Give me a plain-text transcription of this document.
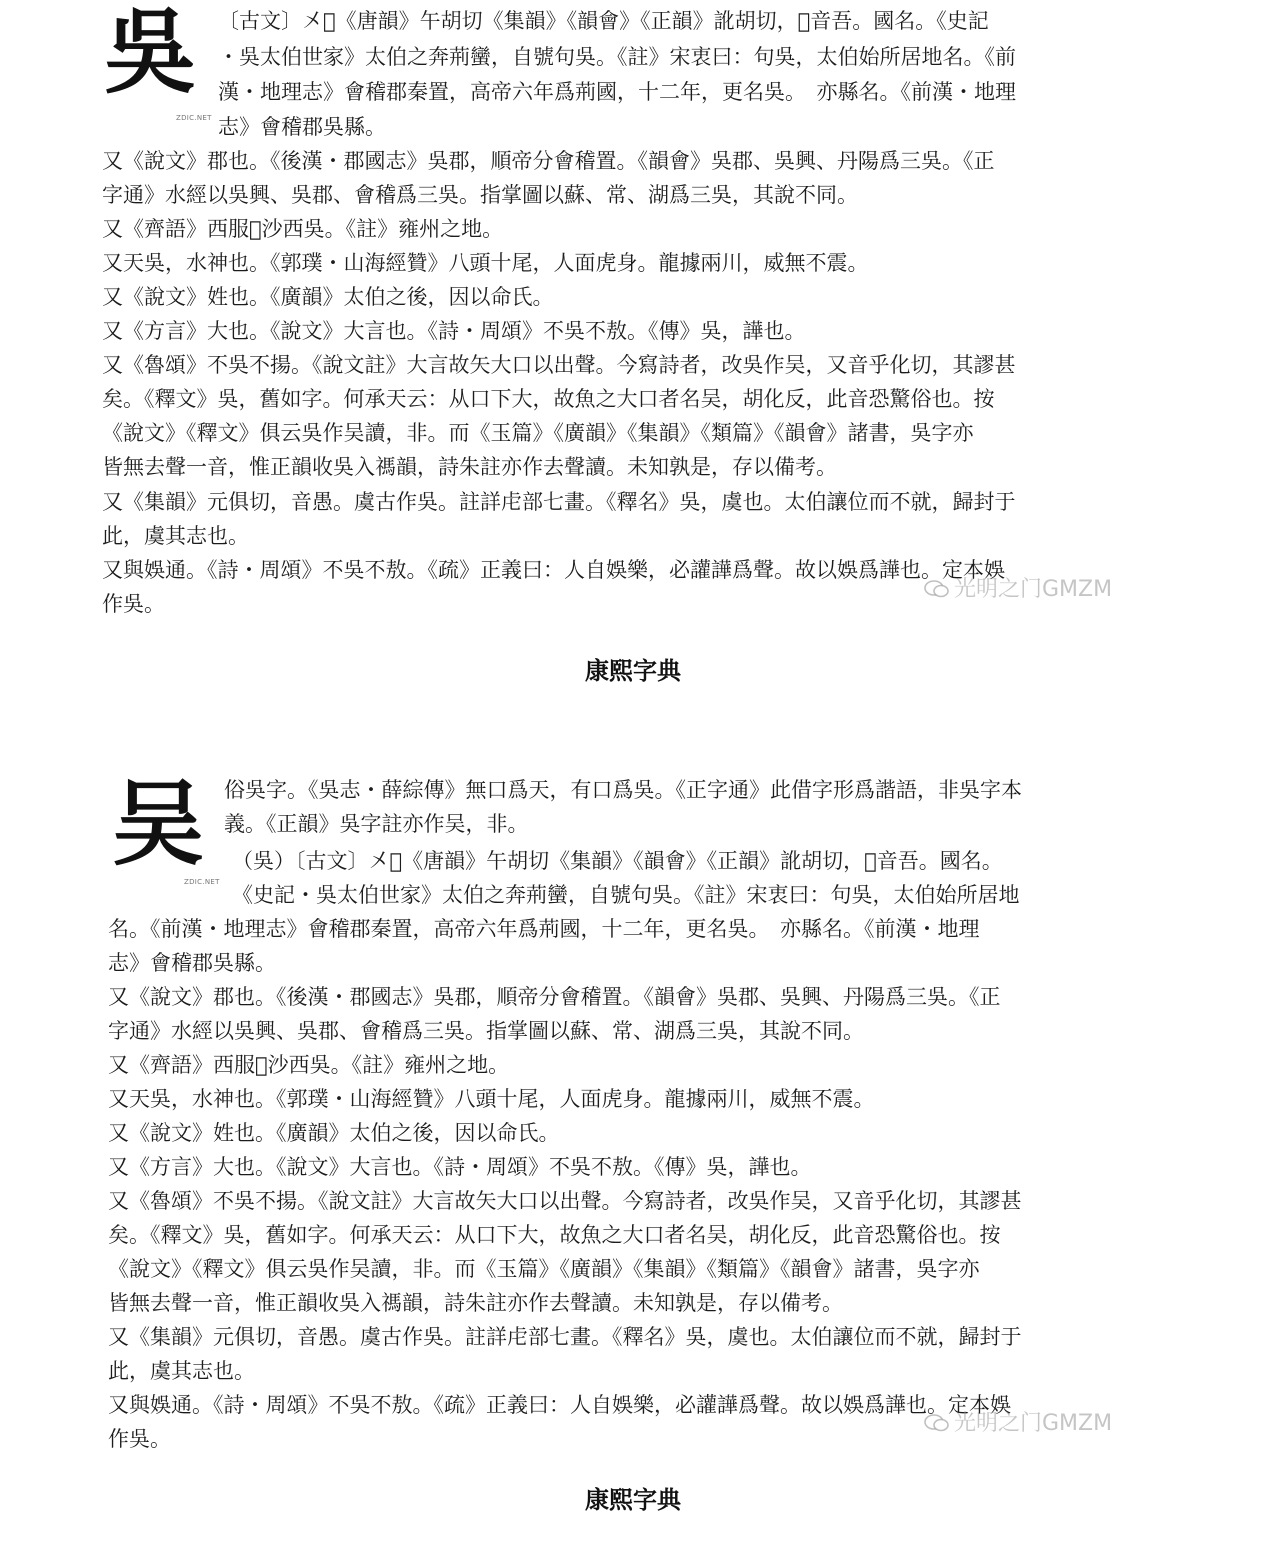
吳
ZDIC.NET
〔古文〕㐅𠱄《唐韻》午胡切《集韻》《韻會》《正韻》訛胡切，𡗶音吾。國名。《史記
・吳太伯世家》太伯之奔荊蠻，自號句吳。《註》宋衷曰：句吳，太伯始所居地名。《前
漢・地理志》會稽郡秦置，高帝六年爲荊國，十二年，更名吳。　亦縣名。《前漢・地理
志》會稽郡吳縣。
又《說文》郡也。《後漢・郡國志》吳郡，順帝分會稽置。《韻會》吳郡、吳興、丹陽爲三吳。《正
字通》水經以吳興、吳郡、會稽爲三吳。指掌圖以蘇、常、湖爲三吳，其說不同。
又《齊語》西服𣲖沙西吳。《註》雍州之地。
又天吳，水神也。《郭璞・山海經贊》八頭十尾，人面虎身。龍據兩川，威無不震。
又《說文》姓也。《廣韻》太伯之後，因以命氏。
又《方言》大也。《說文》大言也。《詩・周頌》不吳不敖。《傳》吳，譁也。
又《魯頌》不吳不揚。《說文註》大言故矢大口以出聲。今寫詩者，改吳作吴，又音乎化切，其謬甚
矣。《釋文》吳，舊如字。何承天云：从口下大，故魚之大口者名吴，胡化反，此音恐驚俗也。按
《說文》《釋文》俱云吳作吴讀，非。而《玉篇》《廣韻》《集韻》《類篇》《韻會》諸書，吳字亦
皆無去聲一音，惟正韻收吳入禡韻，詩朱註亦作去聲讀。未知孰是，存以備考。
又《集韻》元俱切，音愚。虞古作吳。註詳虍部七畫。《釋名》吳，虞也。太伯讓位而不就，歸封于
此，虞其志也。
又與娛通。《詩・周頌》不吳不敖。《疏》正義曰：人自娛樂，必讙譁爲聲。故以娛爲譁也。定本娛
作吳。
光明之门GMZM
康熙字典
吴
ZDIC.NET
俗吳字。《吳志・薛綜傳》無口爲天，有口爲吳。《正字通》此借字形爲諧語，非吳字本
義。《正韻》吳字註亦作吴，非。
（吳）〔古文〕㐅𠱄《唐韻》午胡切《集韻》《韻會》《正韻》訛胡切，𡗶音吾。國名。
《史記・吳太伯世家》太伯之奔荊蠻，自號句吳。《註》宋衷曰：句吳，太伯始所居地
名。《前漢・地理志》會稽郡秦置，高帝六年爲荊國，十二年，更名吳。　亦縣名。《前漢・地理
志》會稽郡吳縣。
又《說文》郡也。《後漢・郡國志》吳郡，順帝分會稽置。《韻會》吳郡、吳興、丹陽爲三吳。《正
字通》水經以吳興、吳郡、會稽爲三吳。指掌圖以蘇、常、湖爲三吳，其說不同。
又《齊語》西服𣲖沙西吳。《註》雍州之地。
又天吳，水神也。《郭璞・山海經贊》八頭十尾，人面虎身。龍據兩川，威無不震。
又《說文》姓也。《廣韻》太伯之後，因以命氏。
又《方言》大也。《說文》大言也。《詩・周頌》不吳不敖。《傳》吳，譁也。
又《魯頌》不吳不揚。《說文註》大言故矢大口以出聲。今寫詩者，改吳作吴，又音乎化切，其謬甚
矣。《釋文》吳，舊如字。何承天云：从口下大，故魚之大口者名吴，胡化反，此音恐驚俗也。按
《說文》《釋文》俱云吳作吴讀，非。而《玉篇》《廣韻》《集韻》《類篇》《韻會》諸書，吳字亦
皆無去聲一音，惟正韻收吳入禡韻，詩朱註亦作去聲讀。未知孰是，存以備考。
又《集韻》元俱切，音愚。虞古作吳。註詳虍部七畫。《釋名》吳，虞也。太伯讓位而不就，歸封于
此，虞其志也。
又與娛通。《詩・周頌》不吳不敖。《疏》正義曰：人自娛樂，必讙譁爲聲。故以娛爲譁也。定本娛
作吳。
光明之门GMZM
康熙字典
